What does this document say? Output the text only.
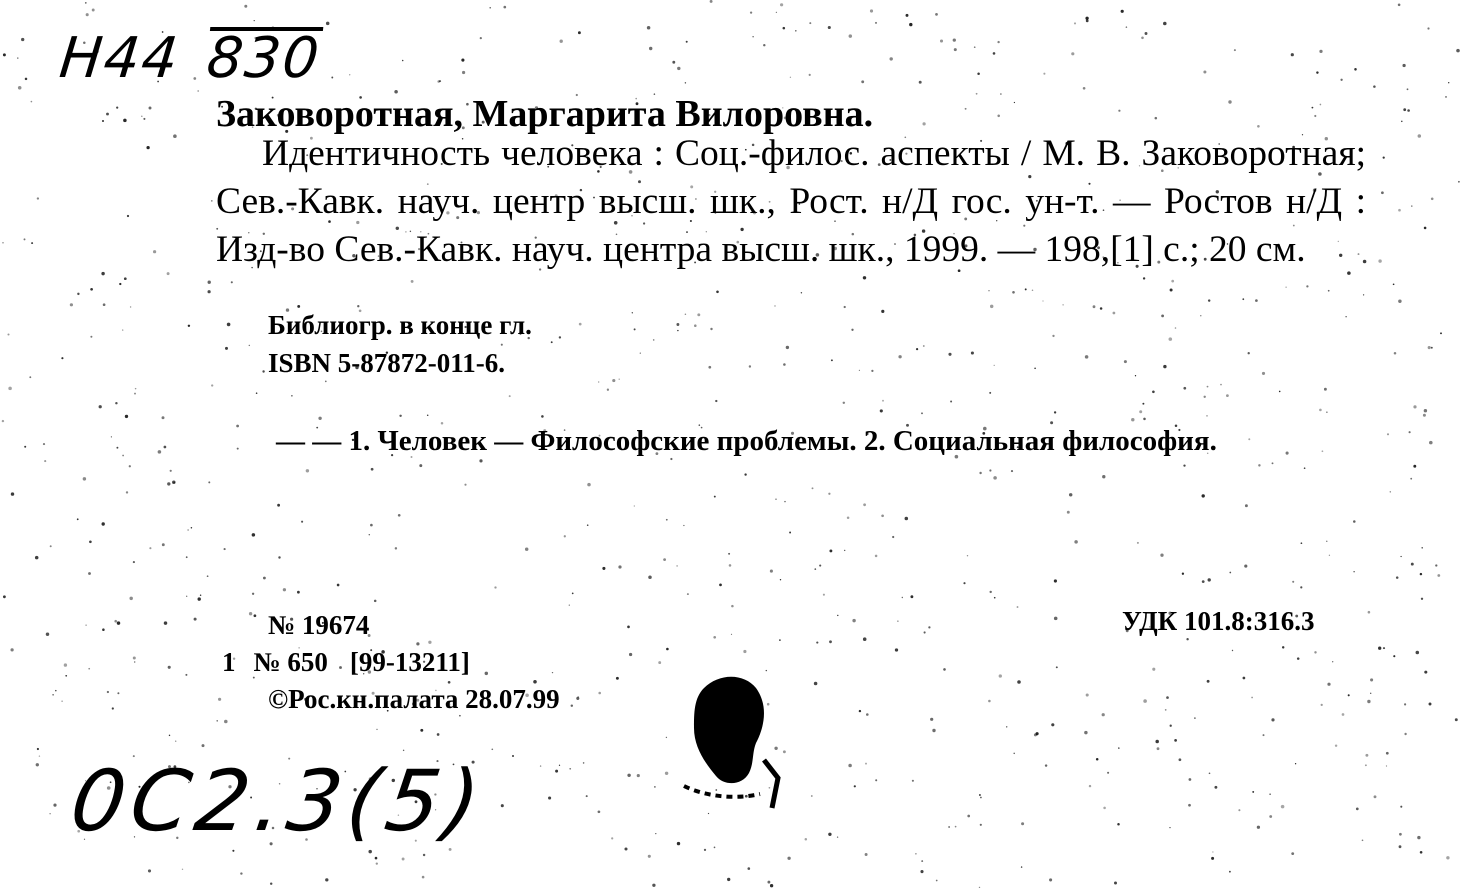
Н44 830
Заковоротная, Маргарита Вилоровна.
Идентичность человека : Соц.-филос. аспекты / М. В. Заковоротная; Сев.-Кавк. науч. центр высш. шк., Рост. н/Д гос. ун-т. — Ростов н/Д : Изд-во Сев.-Кавк. науч. центра высш. шк., 1999. — 198,[1] с.; 20 см.
Библиогр. в конце гл.
ISBN 5-87872-011-6.
— — 1. Человек — Философские проблемы. 2. Социальная философия.
№ 19674	УДК 101.8:316.3
1 № 650 [99-13211]
©Рос.кн.палата 28.07.99
0С2.3(5)
